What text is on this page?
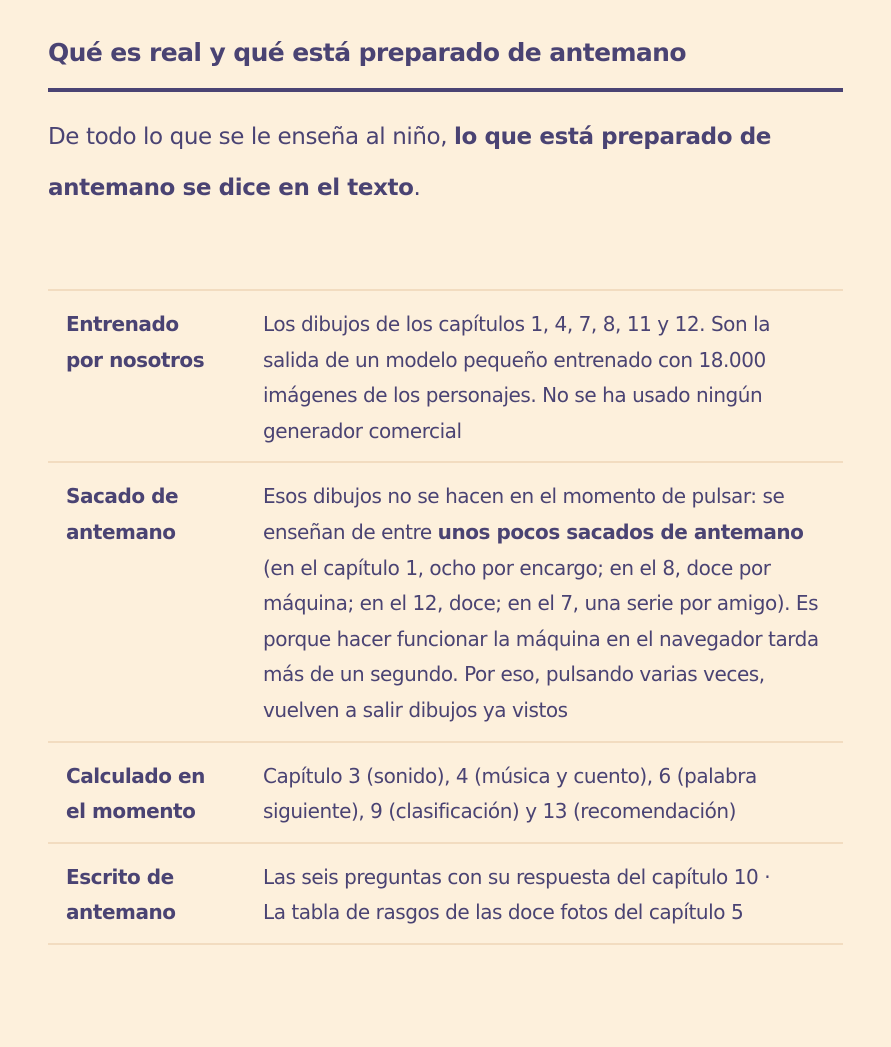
Qué es real y qué está preparado de antemano

De todo lo que se le enseña al niño, lo que está preparado de antemano se dice en el texto.

Entrenado
por nosotros	Los dibujos de los capítulos 1, 4, 7, 8, 11 y 12. Son la salida de un modelo pequeño entrenado con 18.000 imágenes de los personajes. No se ha usado ningún generador comercial
Sacado de
antemano	Esos dibujos no se hacen en el momento de pulsar: se enseñan de entre unos pocos sacados de antemano (en el capítulo 1, ocho por encargo; en el 8, doce por máquina; en el 12, doce; en el 7, una serie por amigo). Es porque hacer funcionar la máquina en el navegador tarda más de un segundo. Por eso, pulsando varias veces, vuelven a salir dibujos ya vistos
Calculado en
el momento	Capítulo 3 (sonido), 4 (música y cuento), 6 (palabra siguiente), 9 (clasificación) y 13 (recomendación)
Escrito de
antemano	Las seis preguntas con su respuesta del capítulo 10 ·
La tabla de rasgos de las doce fotos del capítulo 5
